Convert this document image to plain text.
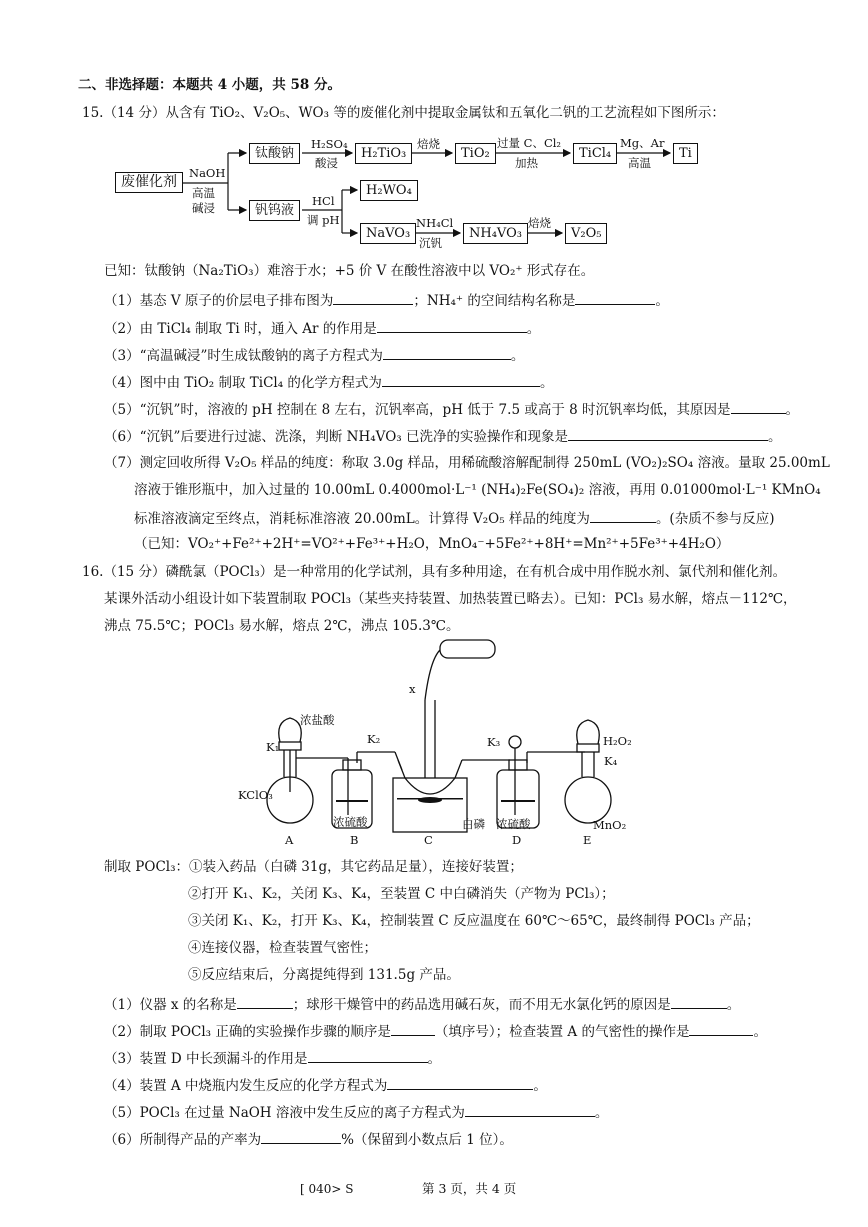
二、非选择题：本题共 4 小题，共 58 分。
15.（14 分）从含有 TiO₂、V₂O₅、WO₃ 等的废催化剂中提取金属钛和五氧化二钒的工艺流程如下图所示：
废催化剂
NaOH
高温
碱浸
钛酸钠
H₂SO₄
酸浸
H₂TiO₃
焙烧
TiO₂
过量 C、Cl₂
加热
TiCl₄
Mg、Ar
高温
Ti
钒钨液
HCl
调 pH
H₂WO₄
NaVO₃
NH₄Cl
沉钒
NH₄VO₃
焙烧
V₂O₅
已知：钛酸钠（Na₂TiO₃）难溶于水；+5 价 V 在酸性溶液中以 VO₂⁺ 形式存在。
（1）基态 V 原子的价层电子排布图为	；NH₄⁺ 的空间结构名称是	。
（2）由 TiCl₄ 制取 Ti 时，通入 Ar 的作用是	。
（3）“高温碱浸”时生成钛酸钠的离子方程式为	。
（4）图中由 TiO₂ 制取 TiCl₄ 的化学方程式为	。
（5）“沉钒”时，溶液的 pH 控制在 8 左右，沉钒率高，pH 低于 7.5 或高于 8 时沉钒率均低，其原因是	。
（6）“沉钒”后要进行过滤、洗涤，判断 NH₄VO₃ 已洗净的实验操作和现象是	。
（7）测定回收所得 V₂O₅ 样品的纯度：称取 3.0g 样品，用稀硫酸溶解配制得 250mL (VO₂)₂SO₄ 溶液。量取 25.00mL
溶液于锥形瓶中，加入过量的 10.00mL 0.4000mol·L⁻¹ (NH₄)₂Fe(SO₄)₂ 溶液，再用 0.01000mol·L⁻¹ KMnO₄
标准溶液滴定至终点，消耗标准溶液 20.00mL。计算得 V₂O₅ 样品的纯度为	。(杂质不参与反应)
（已知：VO₂⁺+Fe²⁺+2H⁺=VO²⁺+Fe³⁺+H₂O，MnO₄⁻+5Fe²⁺+8H⁺=Mn²⁺+5Fe³⁺+4H₂O）
16.（15 分）磷酰氯（POCl₃）是一种常用的化学试剂，具有多种用途，在有机合成中用作脱水剂、氯代剂和催化剂。
某课外活动小组设计如下装置制取 POCl₃（某些夹持装置、加热装置已略去）。已知：PCl₃ 易水解，熔点－112℃，
沸点 75.5℃；POCl₃ 易水解，熔点 2℃，沸点 105.3℃。
x
浓盐酸
K₁
K₂	K₃
K₄
H₂O₂
KClO₃
浓硫酸	白磷 浓硫酸	MnO₂
A	B	C	D	E
制取 POCl₃：①装入药品（白磷 31g，其它药品足量），连接好装置；
②打开 K₁、K₂，关闭 K₃、K₄，至装置 C 中白磷消失（产物为 PCl₃）；
③关闭 K₁、K₂，打开 K₃、K₄，控制装置 C 反应温度在 60℃～65℃，最终制得 POCl₃ 产品；
④连接仪器，检查装置气密性；
⑤反应结束后，分离提纯得到 131.5g 产品。
（1）仪器 x 的名称是	；球形干燥管中的药品选用碱石灰，而不用无水氯化钙的原因是	。
（2）制取 POCl₃ 正确的实验操作步骤的顺序是	（填序号）；检查装置 A 的气密性的操作是	。
（3）装置 D 中长颈漏斗的作用是	。
（4）装置 A 中烧瓶内发生反应的化学方程式为	。
（5）POCl₃ 在过量 NaOH 溶液中发生反应的离子方程式为	。
（6）所制得产品的产率为	%（保留到小数点后 1 位）。
[ 040> S	第 3 页，共 4 页
